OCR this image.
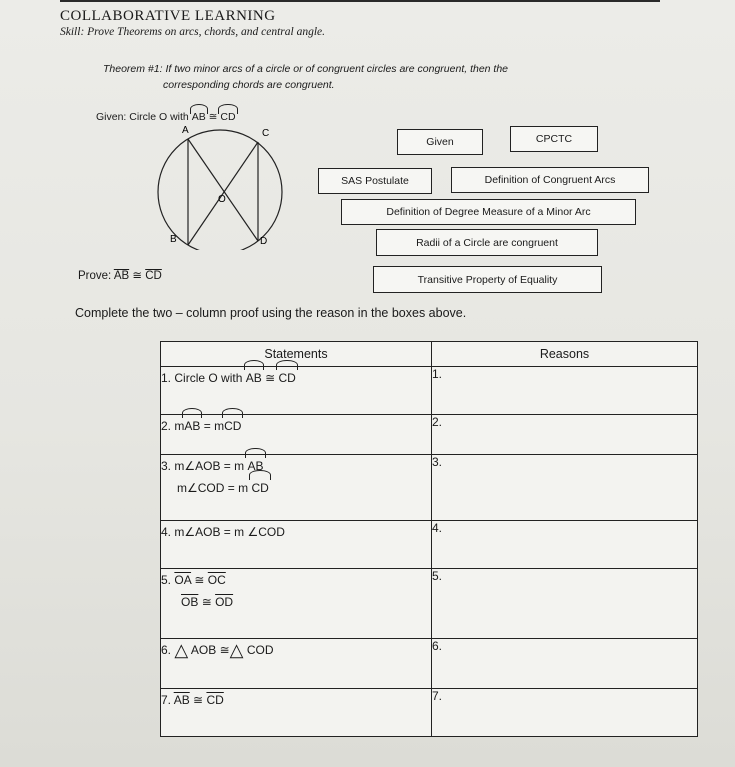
COLLABORATIVE LEARNING
Skill: Prove Theorems on arcs, chords, and central angle.
Theorem #1: If two minor arcs of a circle or of congruent circles are congruent, then the
corresponding chords are congruent.
Given: Circle O with AB ≅ CD
A	C
O
B	D
Given	CPCTC
SAS Postulate	Definition of Congruent Arcs
Definition of Degree Measure of a Minor Arc
Radii of a Circle are congruent
Transitive Property of Equality
Prove: $\overline{AB}$ ≅ $\overline{CD}$
Complete the two – column proof using the reason in the boxes above.
Statements	Reasons
1. Circle O with AB ≅ CD	1.
2. mAB = mCD	2.
3. m∠AOB = m AB
m∠COD = m CD	3.
4. m∠AOB = m ∠COD	4.
5. $\overline{OA}$ ≅ $\overline{OC}$
$\overline{OB}$ ≅ $\overline{OD}$	5.
6. △ AOB ≅△ COD	6.
7. $\overline{AB}$ ≅ $\overline{CD}$	7.
